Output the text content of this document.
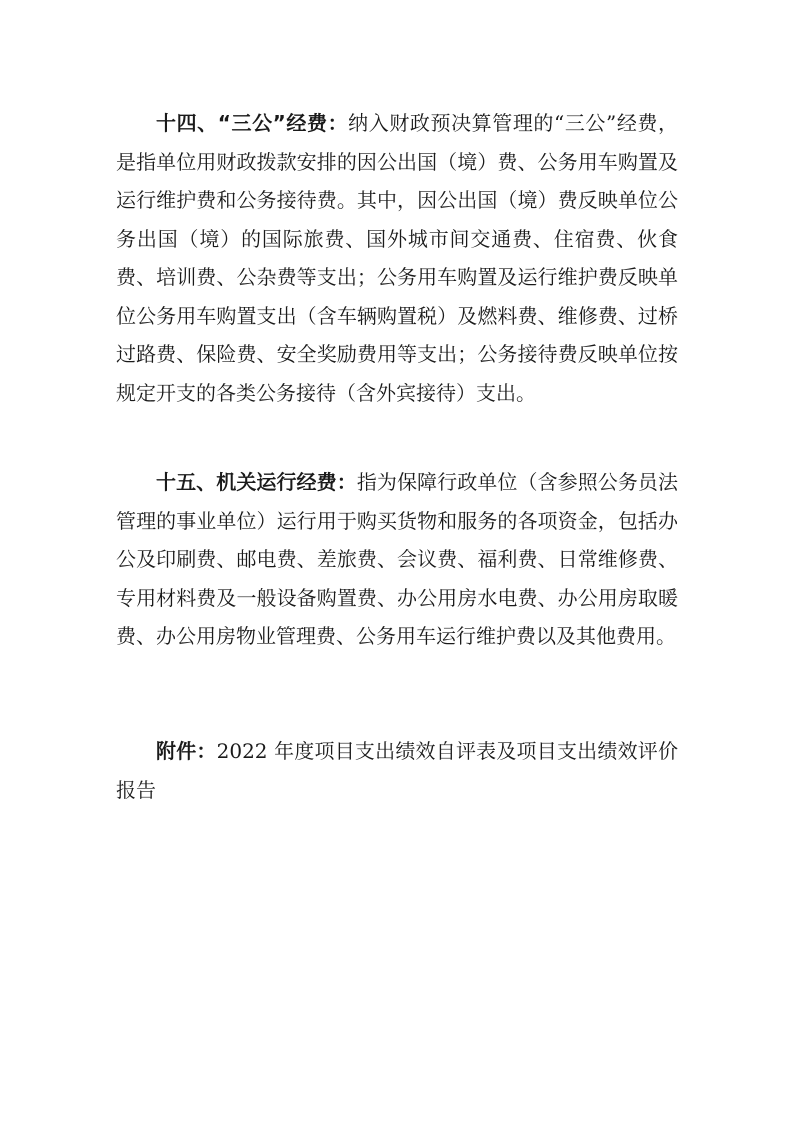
十四、“三公”经费：纳入财政预决算管理的“三公”经费，是指单位用财政拨款安排的因公出国（境）费、公务用车购置及运行维护费和公务接待费。其中，因公出国（境）费反映单位公务出国（境）的国际旅费、国外城市间交通费、住宿费、伙食费、培训费、公杂费等支出；公务用车购置及运行维护费反映单位公务用车购置支出（含车辆购置税）及燃料费、维修费、过桥过路费、保险费、安全奖励费用等支出；公务接待费反映单位按规定开支的各类公务接待（含外宾接待）支出。

十五、机关运行经费：指为保障行政单位（含参照公务员法管理的事业单位）运行用于购买货物和服务的各项资金，包括办公及印刷费、邮电费、差旅费、会议费、福利费、日常维修费、专用材料费及一般设备购置费、办公用房水电费、办公用房取暖费、办公用房物业管理费、公务用车运行维护费以及其他费用。

附件：2022 年度项目支出绩效自评表及项目支出绩效评价报告
